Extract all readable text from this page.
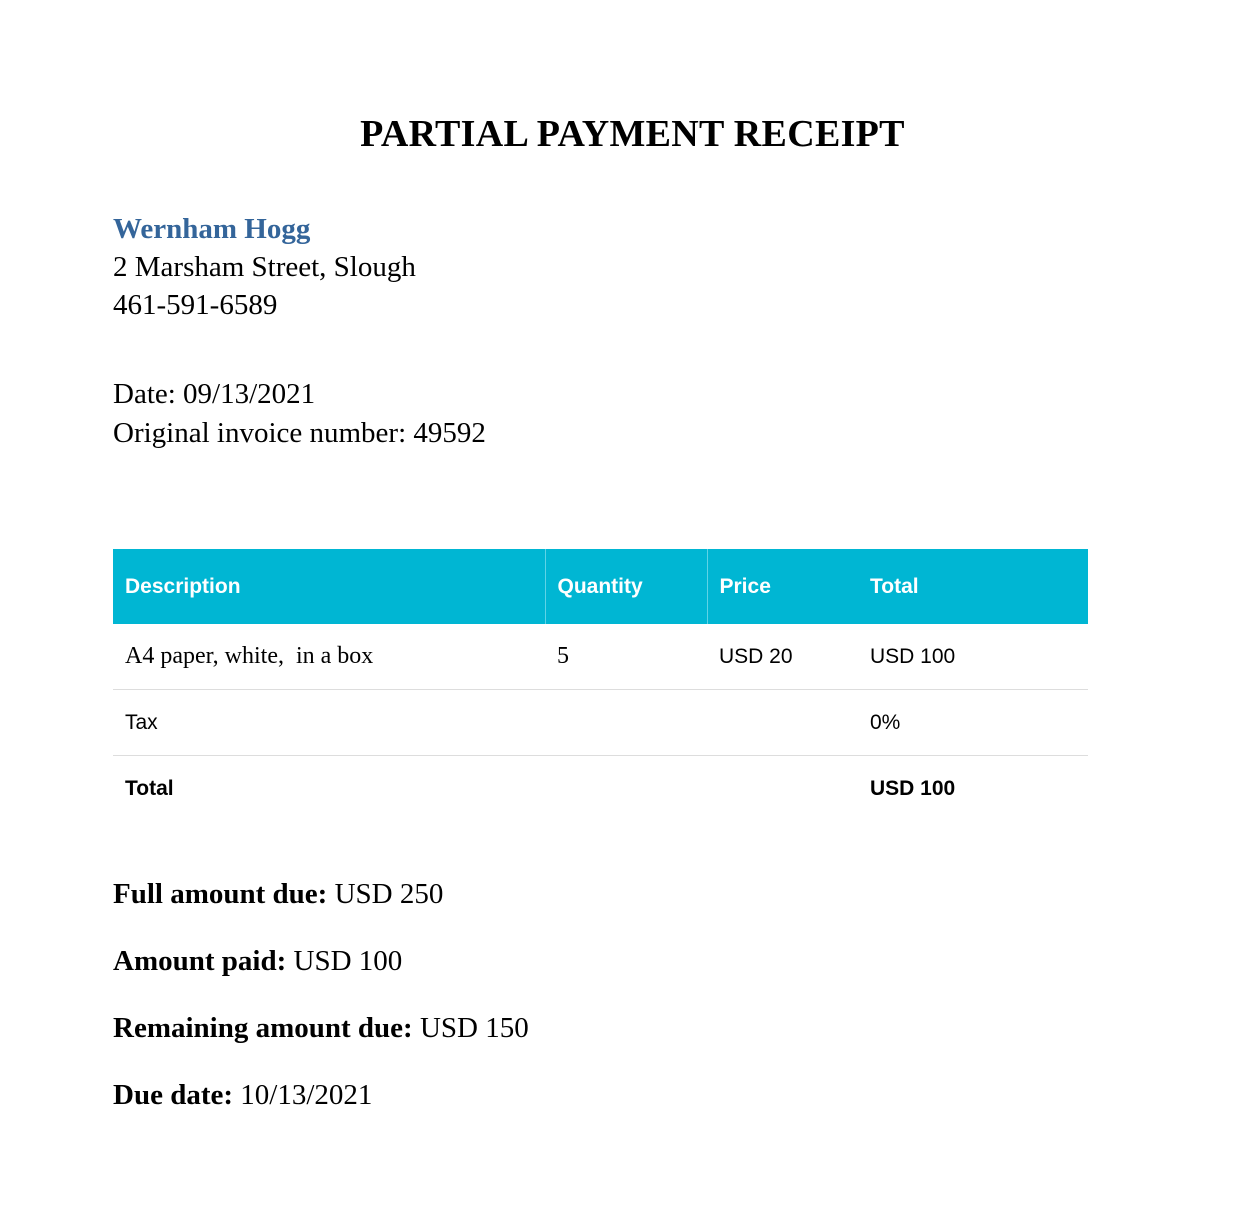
PARTIAL PAYMENT RECEIPT
Wernham Hogg
2 Marsham Street, Slough
461-591-6589
Date: 09/13/2021
Original invoice number: 49592
Description	Quantity	Price	Total
A4 paper, white,  in a box	5	USD 20	USD 100
Tax			0%
Total			USD 100
Full amount due: USD 250
Amount paid: USD 100
Remaining amount due: USD 150
Due date: 10/13/2021
